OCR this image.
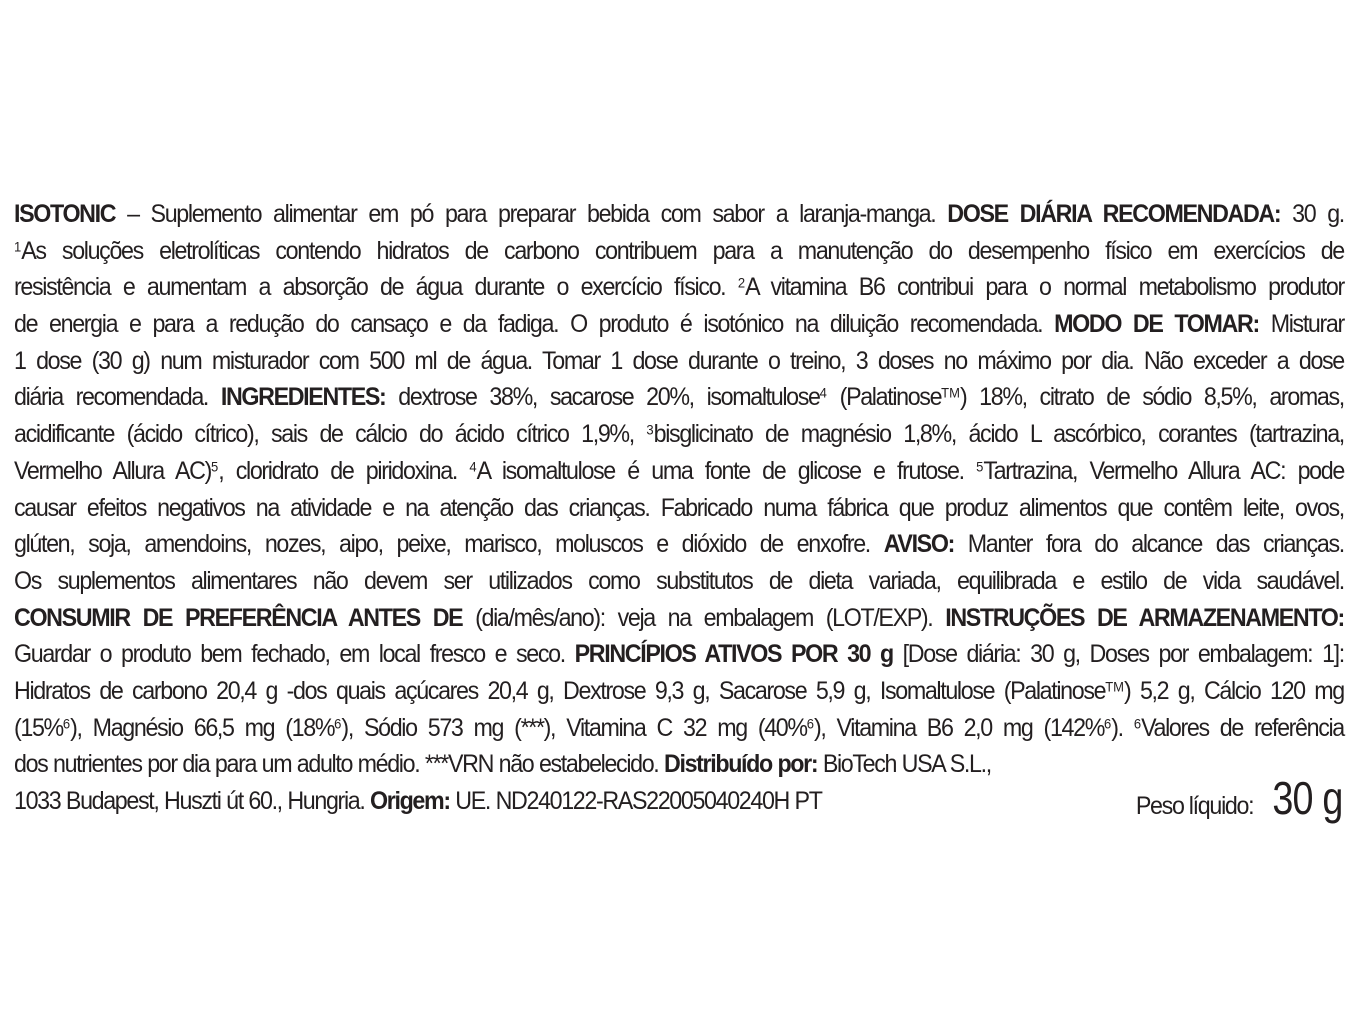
ISOTONIC – Suplemento alimentar em pó para preparar bebida com sabor a laranja-manga. DOSE DIÁRIA RECOMENDADA: 30 g.
$^1$As soluções eletrolíticas contendo hidratos de carbono contribuem para a manutenção do desempenho físico em exercícios de
resistência e aumentam a absorção de água durante o exercício físico. $^2$A vitamina B6 contribui para o normal metabolismo produtor
de energia e para a redução do cansaço e da fadiga. O produto é isotónico na diluição recomendada. MODO DE TOMAR: Misturar
1 dose (30 g) num misturador com 500 ml de água. Tomar 1 dose durante o treino, 3 doses no máximo por dia. Não exceder a dose
diária recomendada. INGREDIENTES: dextrose 38%, sacarose 20%, isomaltulose$^4$ (Palatinose™) 18%, citrato de sódio 8,5%, aromas,
acidificante (ácido cítrico), sais de cálcio do ácido cítrico 1,9%, $^3$bisglicinato de magnésio 1,8%, ácido L ascórbico, corantes (tartrazina,
Vermelho Allura AC)$^5$, cloridrato de piridoxina. $^4$A isomaltulose é uma fonte de glicose e frutose. $^5$Tartrazina, Vermelho Allura AC: pode
causar efeitos negativos na atividade e na atenção das crianças. Fabricado numa fábrica que produz alimentos que contêm leite, ovos,
glúten, soja, amendoins, nozes, aipo, peixe, marisco, moluscos e dióxido de enxofre. AVISO: Manter fora do alcance das crianças.
Os suplementos alimentares não devem ser utilizados como substitutos de dieta variada, equilibrada e estilo de vida saudável.
CONSUMIR DE PREFERÊNCIA ANTES DE (dia/mês/ano): veja na embalagem (LOT/EXP). INSTRUÇÕES DE ARMAZENAMENTO:
Guardar o produto bem fechado, em local fresco e seco. PRINCÍPIOS ATIVOS POR 30 g [Dose diária: 30 g, Doses por embalagem: 1]:
Hidratos de carbono 20,4 g -dos quais açúcares 20,4 g, Dextrose 9,3 g, Sacarose 5,9 g, Isomaltulose (Palatinose™) 5,2 g, Cálcio 120 mg
(15%$^6$), Magnésio 66,5 mg (18%$^6$), Sódio 573 mg (***), Vitamina C 32 mg (40%$^6$), Vitamina B6 2,0 mg (142%$^6$). $^6$Valores de referência
dos nutrientes por dia para um adulto médio. ***VRN não estabelecido. Distribuído por: BioTech USA S.L.,
1033 Budapest, Huszti út 60., Hungria. Origem: UE. ND240122-RAS22005040240H PT	Peso líquido: 30 g
